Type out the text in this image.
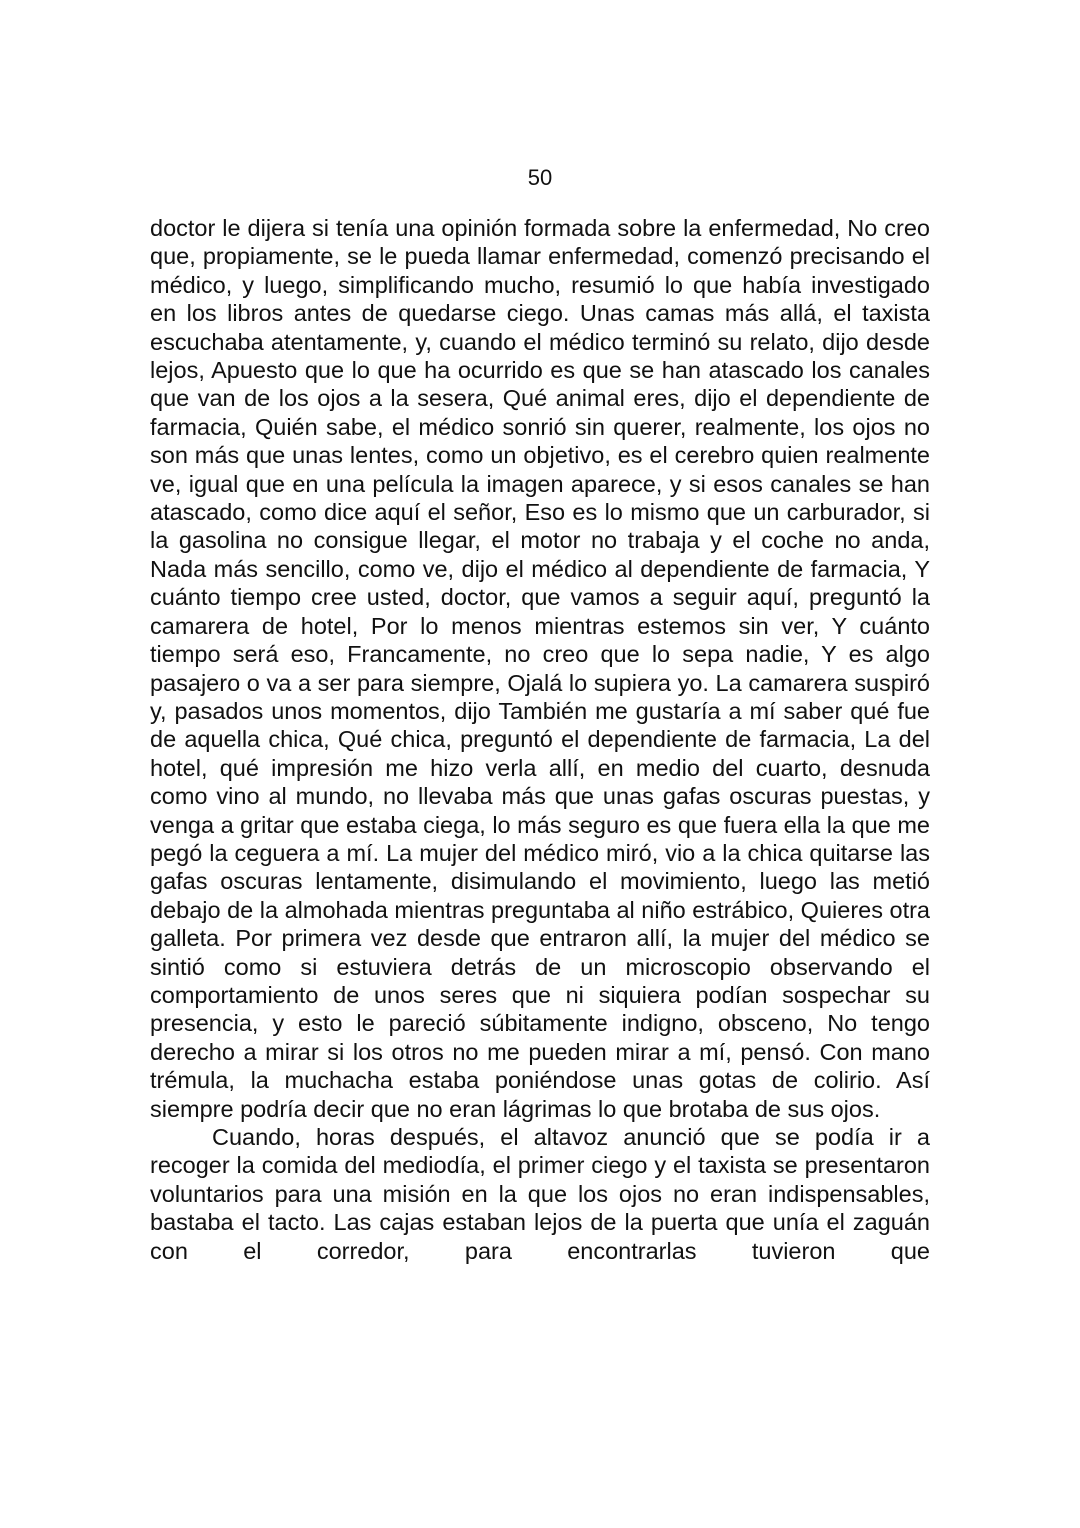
50

doctor le dijera si tenía una opinión formada sobre la enfermedad, No creo que, propiamente, se le pueda llamar enfermedad, comenzó precisando el médico, y luego, simplificando mucho, resumió lo que había investigado en los libros antes de quedarse ciego. Unas camas más allá, el taxista escuchaba atentamente, y, cuando el médico terminó su relato, dijo desde lejos, Apuesto que lo que ha ocurrido es que se han atascado los canales que van de los ojos a la sesera, Qué animal eres, dijo el dependiente de farmacia, Quién sabe, el médico sonrió sin querer, realmente, los ojos no son más que unas lentes, como un objetivo, es el cerebro quien realmente ve, igual que en una película la imagen aparece, y si esos canales se han atascado, como dice aquí el señor, Eso es lo mismo que un carburador, si la gasolina no consigue llegar, el motor no trabaja y el coche no anda, Nada más sencillo, como ve, dijo el médico al dependiente de farmacia, Y cuánto tiempo cree usted, doctor, que vamos a seguir aquí, preguntó la camarera de hotel, Por lo menos mientras estemos sin ver, Y cuánto tiempo será eso, Francamente, no creo que lo sepa nadie, Y es algo pasajero o va a ser para siempre, Ojalá lo supiera yo. La camarera suspiró y, pasados unos momentos, dijo También me gustaría a mí saber qué fue de aquella chica, Qué chica, preguntó el dependiente de farmacia, La del hotel, qué impresión me hizo verla allí, en medio del cuarto, desnuda como vino al mundo, no llevaba más que unas gafas oscuras puestas, y venga a gritar que estaba ciega, lo más seguro es que fuera ella la que me pegó la ceguera a mí. La mujer del médico miró, vio a la chica quitarse las gafas oscuras lentamente, disimulando el movimiento, luego las metió debajo de la almohada mientras preguntaba al niño estrábico, Quieres otra galleta. Por primera vez desde que entraron allí, la mujer del médico se sintió como si estuviera detrás de un microscopio observando el comportamiento de unos seres que ni siquiera podían sospechar su presencia, y esto le pareció súbitamente indigno, obsceno, No tengo derecho a mirar si los otros no me pueden mirar a mí, pensó. Con mano trémula, la muchacha estaba poniéndose unas gotas de colirio. Así siempre podría decir que no eran lágrimas lo que brotaba de sus ojos.

Cuando, horas después, el altavoz anunció que se podía ir a recoger la comida del mediodía, el primer ciego y el taxista se presentaron voluntarios para una misión en la que los ojos no eran indispensables, bastaba el tacto. Las cajas estaban lejos de la puerta que unía el zaguán con el corredor, para encontrarlas tuvieron que
